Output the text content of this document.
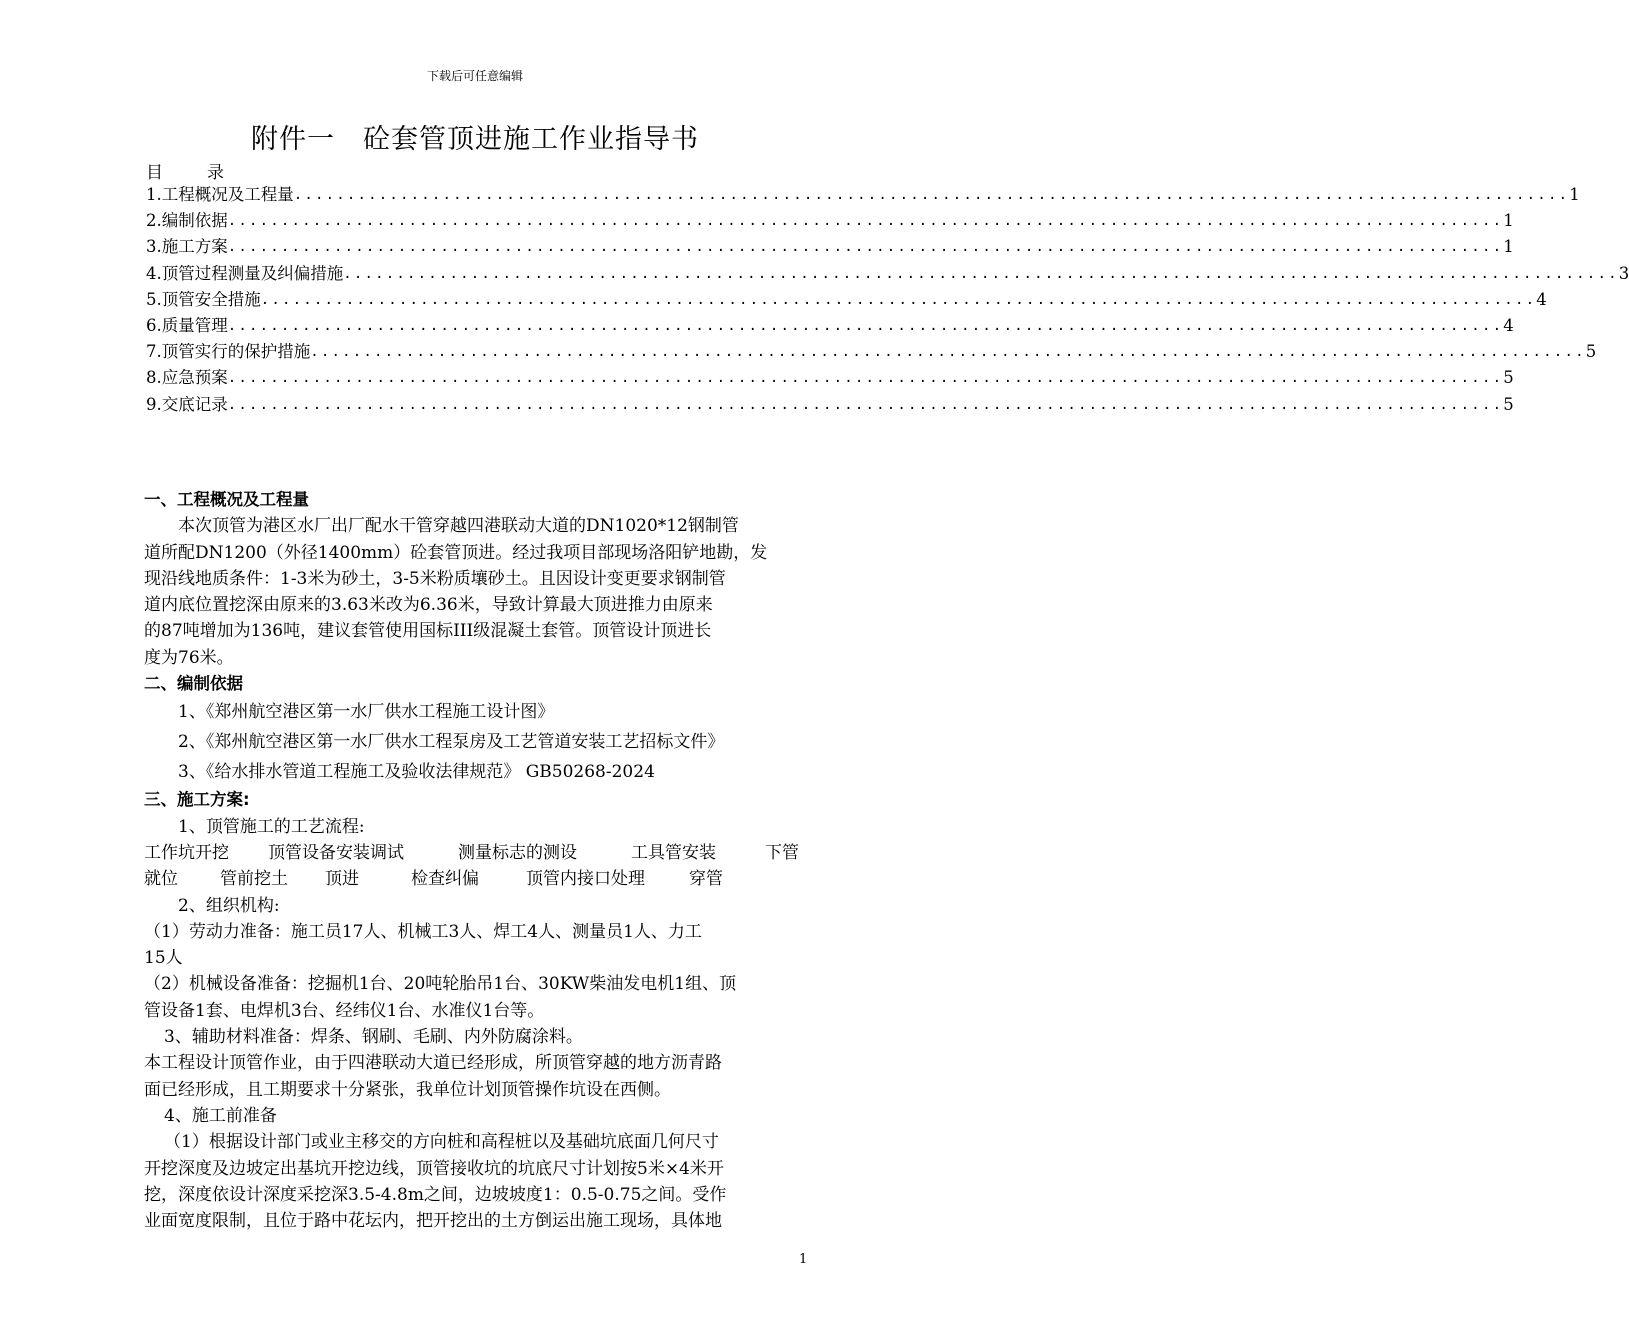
下载后可任意编辑
附件一　砼套管顶进施工作业指导书
目	录
1. 工程概况及工程量 ........................................................................................................................ 1
2. 编制依据 ........................................................................................................................ 1
3. 施工方案 ........................................................................................................................ 1
4. 顶管过程测量及纠偏措施 ........................................................................................................................ 3
5. 顶管安全措施 ........................................................................................................................ 4
6. 质量管理 ........................................................................................................................ 4
7. 顶管实行的保护措施 ........................................................................................................................ 5
8. 应急预案 ........................................................................................................................ 5
9. 交底记录 ........................................................................................................................ 5
一、工程概况及工程量
本次顶管为港区水厂出厂配水干管穿越四港联动大道的DN1020*12钢制管
道所配DN1200（外径1400mm）砼套管顶进。经过我项目部现场洛阳铲地勘，发
现沿线地质条件：1-3米为砂土，3-5米粉质壤砂土。且因设计变更要求钢制管
道内底位置挖深由原来的3.63米改为6.36米，导致计算最大顶进推力由原来
的87吨增加为136吨，建议套管使用国标III级混凝土套管。顶管设计顶进长
度为76米。
二、编制依据
1、《郑州航空港区第一水厂供水工程施工设计图》
2、《郑州航空港区第一水厂供水工程泵房及工艺管道安装工艺招标文件》
3、《给水排水管道工程施工及验收法律规范》 GB50268-2024
三、施工方案:
1、顶管施工的工艺流程:
工作坑开挖	顶管设备安装调试	测量标志的测设	工具管安装	下管
就位	管前挖土	顶进	检查纠偏	顶管内接口处理	穿管
2、组织机构:
（1）劳动力准备：施工员17人、机械工3人、焊工4人、测量员1人、力工
15人
（2）机械设备准备：挖掘机1台、20吨轮胎吊1台、30KW柴油发电机1组、顶
管设备1套、电焊机3台、经纬仪1台、水准仪1台等。
3、辅助材料准备：焊条、钢刷、毛刷、内外防腐涂料。
本工程设计顶管作业，由于四港联动大道已经形成，所顶管穿越的地方沥青路
面已经形成，且工期要求十分紧张，我单位计划顶管操作坑设在西侧。
4、施工前准备
（1）根据设计部门或业主移交的方向桩和高程桩以及基础坑底面几何尺寸
开挖深度及边坡定出基坑开挖边线，顶管接收坑的坑底尺寸计划按5米×4米开
挖，深度依设计深度采挖深3.5-4.8m之间，边坡坡度1：0.5-0.75之间。受作
业面宽度限制，且位于路中花坛内，把开挖出的土方倒运出施工现场，具体地
1
